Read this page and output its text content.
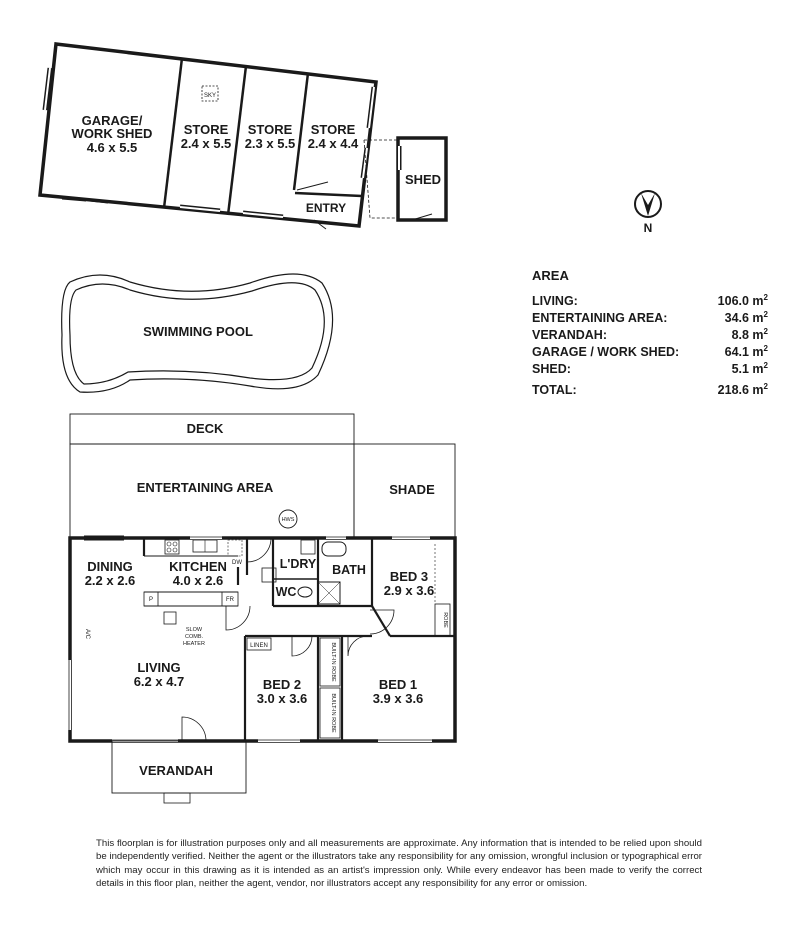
GARAGE/
WORK SHED
4.6 x 5.5
SKY
STORE
2.4 x 5.5
STORE
2.3 x 5.5
STORE
2.4 x 4.4
ENTRY
SHED
N
SWIMMING POOL
DECK
ENTERTAINING AREA	SHADE
HWS
DINING
2.2 x 2.6
KITCHEN
4.0 x 2.6
DW
P	FR
L'DRY BATH
WC
BED 3
2.9 x 3.6
ROBE
A/C	SLOW
COMB.
HEATER
LIVING
6.2 x 4.7
LINEN
BED 2
3.0 x 3.6
BUILT-IN ROBE
BUILT-IN ROBE
BED 1
3.9 x 3.6
VERANDAH
AREA
LIVING:	106.0 $m^2$
ENTERTAINING AREA:	34.6 $m^2$
VERANDAH:	8.8 $m^2$
GARAGE / WORK SHED:	64.1 $m^2$
SHED:	5.1 $m^2$
TOTAL:	218.6 $m^2$
This floorplan is for illustration purposes only and all measurements are approximate. Any information that is intended to be relied upon should be independently verified. Neither the agent or the illustrators take any responsibility for any omission, wrongful inclusion or typographical error which may occur in this drawing as it is intended as an artist's impression only. While every endeavor has been made to verify the correct details in this floor plan, neither the agent, vendor, nor illustrators accept any responsibility for any error or omission.
